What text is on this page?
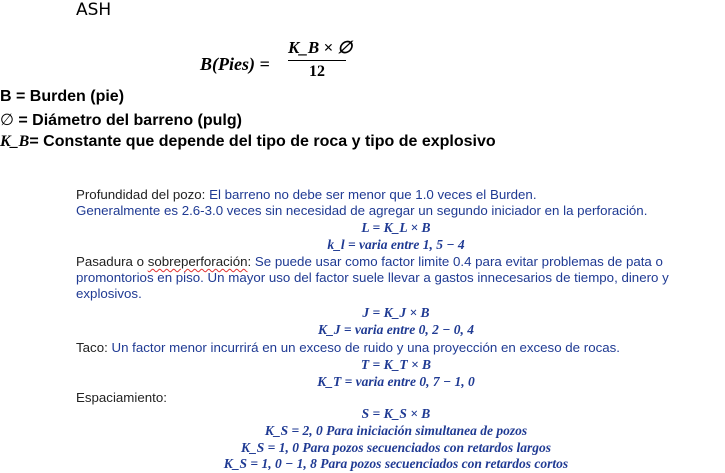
ASH
B(Pies) =
K_B × ∅
12
B = Burden (pie)
∅ = Diámetro del barreno (pulg)
K_B= Constante que depende del tipo de roca y tipo de explosivo
Profundidad del pozo: El barreno no debe ser menor que 1.0 veces el Burden.
Generalmente es 2.6-3.0 veces sin necesidad de agregar un segundo iniciador en la perforación.
L = K_L × B
k_l = varia entre 1, 5 − 4
Pasadura o sobreperforación: Se puede usar como factor limite 0.4 para evitar problemas de pata o
promontorios en piso. Un mayor uso del factor suele llevar a gastos innecesarios de tiempo, dinero y
explosivos.
J = K_J × B
K_J = varia entre 0, 2 − 0, 4
Taco: Un factor menor incurrirá en un exceso de ruido y una proyección en exceso de rocas.
T = K_T × B
K_T = varia entre 0, 7 − 1, 0
Espaciamiento:
S = K_S × B
K_S = 2, 0 Para iniciación simultanea de pozos
K_S = 1, 0 Para pozos secuenciados con retardos largos
K_S = 1, 0 − 1, 8 Para pozos secuenciados con retardos cortos
